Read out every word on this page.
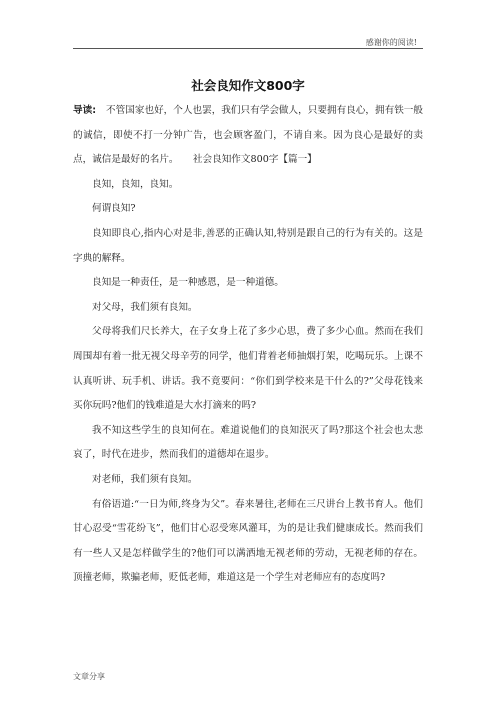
感谢你的阅读!
社会良知作文800字

导读: 不管国家也好，个人也罢，我们只有学会做人，只要拥有良心，拥有铁一般的诚信，即使不打一分钟广告，也会顾客盈门，不请自来。因为良心是最好的卖点，诚信是最好的名片。　　社会良知作文800字【篇一】

良知，良知，良知。

何谓良知?

良知即良心,指内心对是非,善恶的正确认知,特别是跟自己的行为有关的。这是字典的解释。

良知是一种责任，是一种感恩，是一种道德。

对父母，我们须有良知。

父母将我们尺长养大，在子女身上花了多少心思，费了多少心血。然而在我们周围却有着一批无视父母辛劳的同学，他们背着老师抽烟打架，吃喝玩乐。上课不认真听讲、玩手机、讲话。我不竟要问：“你们到学校来是干什么的?”父母花钱来买你玩吗?他们的钱难道是大水打滴来的吗?

我不知这些学生的良知何在。难道说他们的良知泯灭了吗?那这个社会也太悲哀了，时代在进步，然而我们的道德却在退步。

对老师，我们须有良知。

有俗语道:“一日为师,终身为父”。春来暑往,老师在三尺讲台上教书育人。他们甘心忍受“雪花纷飞”，他们甘心忍受寒风灌耳，为的是让我们健康成长。然而我们有一些人又是怎样做学生的?他们可以满洒地无视老师的劳动，无视老师的存在。顶撞老师，欺骗老师，贬低老师，难道这是一个学生对老师应有的态度吗?

文章分享
